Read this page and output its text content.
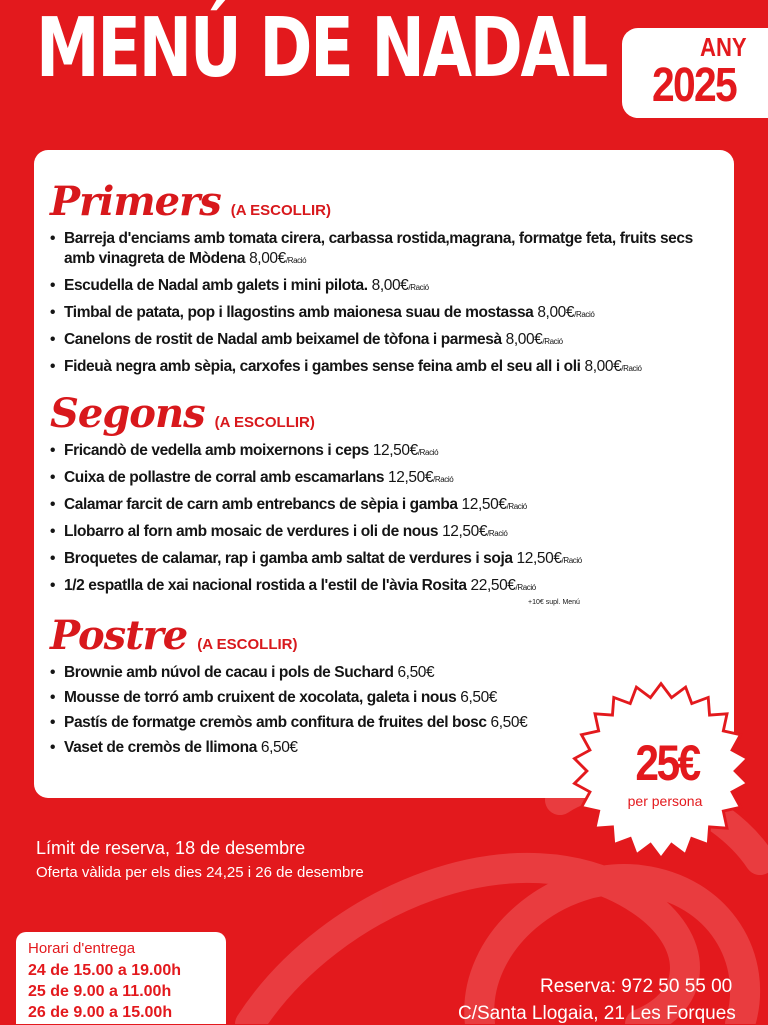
MENÚ DE NADAL	ANY
2025
Primers (A ESCOLLIR)
• Barreja d'enciams amb tomata cirera, carbassa rostida,magrana, formatge feta, fruits secs amb vinagreta de Mòdena 8,00€/Ració
• Escudella de Nadal amb galets i mini pilota. 8,00€/Ració
• Timbal de patata, pop i llagostins amb maionesa suau de mostassa 8,00€/Ració
• Canelons de rostit de Nadal amb beixamel de tòfona i parmesà 8,00€/Ració
• Fideuà negra amb sèpia, carxofes i gambes sense feina amb el seu all i oli 8,00€/Ració
Segons (A ESCOLLIR)
• Fricandò de vedella amb moixernons i ceps 12,50€/Ració
• Cuixa de pollastre de corral amb escamarlans 12,50€/Ració
• Calamar farcit de carn amb entrebancs de sèpia i gamba 12,50€/Ració
• Llobarro al forn amb mosaic de verdures i oli de nous 12,50€/Ració
• Broquetes de calamar, rap i gamba amb saltat de verdures i soja 12,50€/Ració
• 1/2 espatlla de xai nacional rostida a l'estil de l'àvia Rosita 22,50€/Ració
+10€ supl. Menú
Postre (A ESCOLLIR)
• Brownie amb núvol de cacau i pols de Suchard 6,50€
• Mousse de torró amb cruixent de xocolata, galeta i nous 6,50€
• Pastís de formatge cremòs amb confitura de fruites del bosc 6,50€
• Vaset de cremòs de llimona 6,50€	25€
per persona
Límit de reserva, 18 de desembre
Oferta vàlida per els dies 24,25 i 26 de desembre
Horari d'entrega
24 de 15.00 a 19.00h
25 de 9.00 a 11.00h
26 de 9.00 a 15.00h
Reserva: 972 50 55 00
C/Santa Llogaia, 21 Les Forques
